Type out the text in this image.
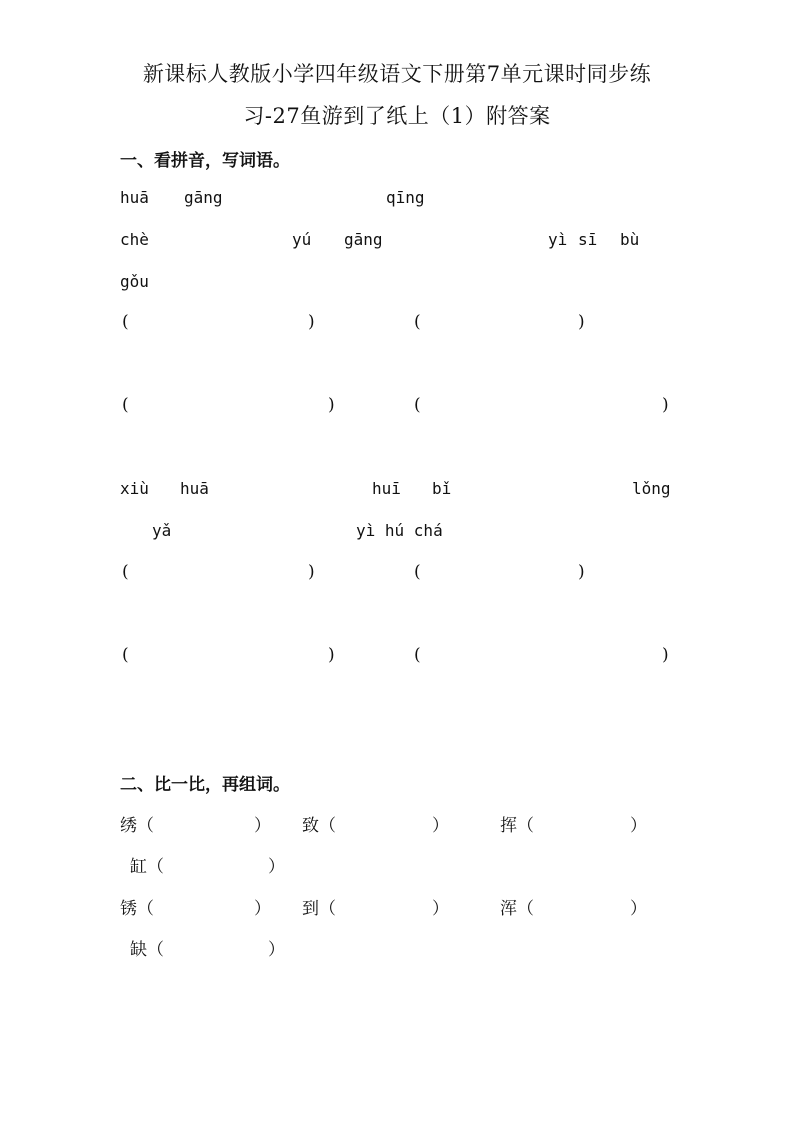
新课标人教版小学四年级语文下册第7单元课时同步练
习-27鱼游到了纸上（1）附答案
一、看拼音，写词语。
huā gāng	qīng
chè	yú gāng	yì sī bù
gǒu
(	)	(	)
(	)	(	)
xiù huā	huī bǐ	lǒng
yǎ	yì hú chá
(	)	(	)
(	)	(	)
二、比一比，再组词。
绣（	） 致（	）	挥（	）
缸（	）
锈（	） 到（	）	浑（	）
缺（	）
